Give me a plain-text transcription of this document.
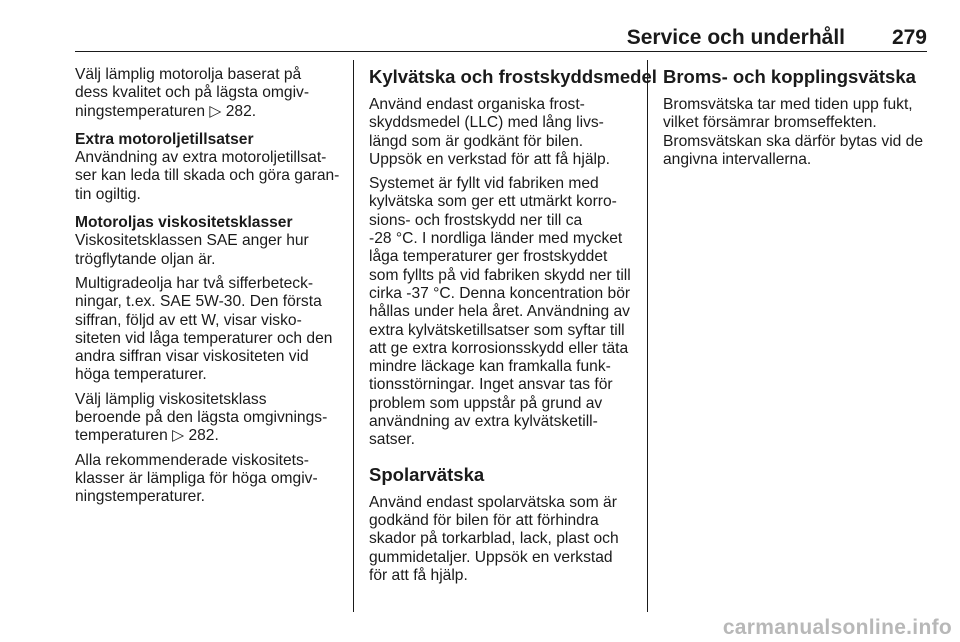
Service och underhåll 279

Välj lämplig motorolja baserat på
dess kvalitet och på lägsta omgiv-
ningstemperaturen ▷ 282.

Extra motoroljetillsatser

Användning av extra motoroljetillsat-
ser kan leda till skada och göra garan-
tin ogiltig.

Motoroljas viskositetsklasser

Viskositetsklassen SAE anger hur
trögflytande oljan är.

Multigradeolja har två sifferbeteck-
ningar, t.ex. SAE 5W-30. Den första
siffran, följd av ett W, visar visko-
siteten vid låga temperaturer och den
andra siffran visar viskositeten vid
höga temperaturer.

Välj lämplig viskositetsklass
beroende på den lägsta omgivnings-
temperaturen ▷ 282.

Alla rekommenderade viskositets-
klasser är lämpliga för höga omgiv-
ningstemperaturer.

Kylvätska och frostskyddsmedel

Använd endast organiska frost-
skyddsmedel (LLC) med lång livs-
längd som är godkänt för bilen.
Uppsök en verkstad för att få hjälp.

Systemet är fyllt vid fabriken med
kylvätska som ger ett utmärkt korro-
sions- och frostskydd ner till ca
-28 °C. I nordliga länder med mycket
låga temperaturer ger frostskyddet
som fyllts på vid fabriken skydd ner till
cirka -37 °C. Denna koncentration bör
hållas under hela året. Användning av
extra kylvätsketillsatser som syftar till
att ge extra korrosionsskydd eller täta
mindre läckage kan framkalla funk-
tionsstörningar. Inget ansvar tas för
problem som uppstår på grund av
användning av extra kylvätsketill-
satser.

Spolarvätska

Använd endast spolarvätska som är
godkänd för bilen för att förhindra
skador på torkarblad, lack, plast och
gummidetaljer. Uppsök en verkstad
för att få hjälp.

Broms- och kopplingsvätska

Bromsvätska tar med tiden upp fukt,
vilket försämrar bromseffekten.
Bromsvätskan ska därför bytas vid de
angivna intervallerna.

carmanualsonline.info
